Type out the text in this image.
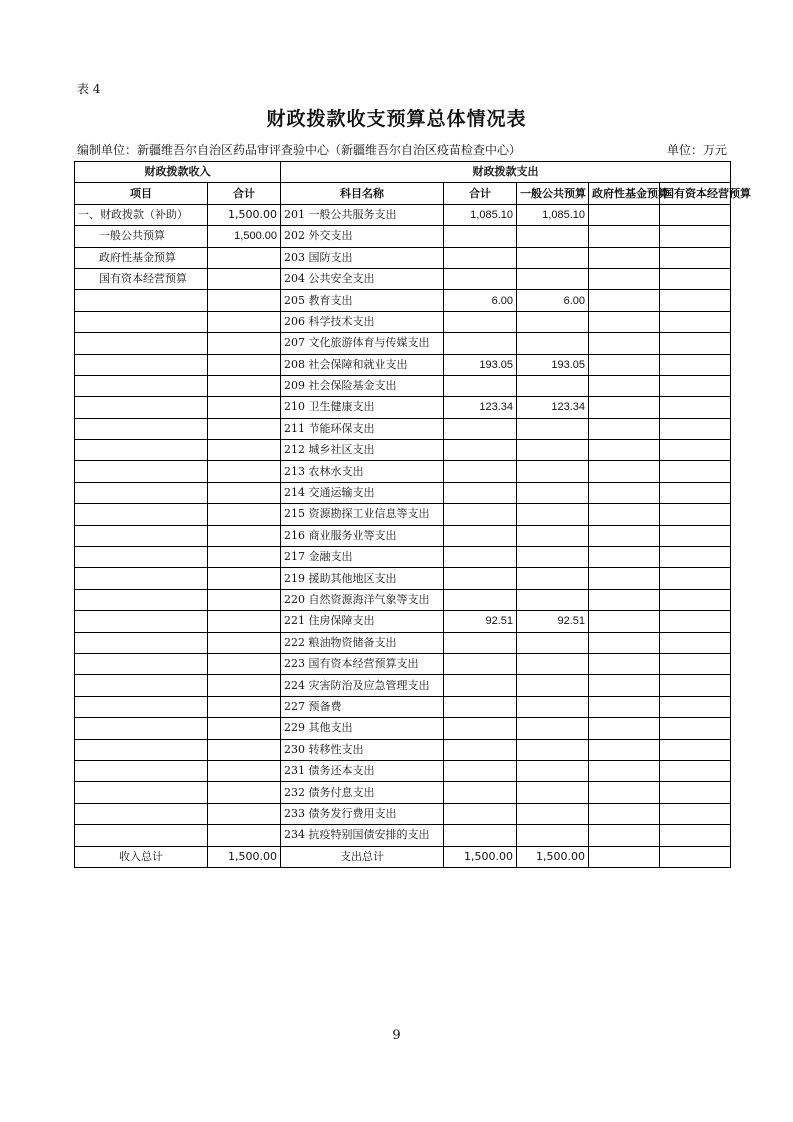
表 4
财政拨款收支预算总体情况表
编制单位：新疆维吾尔自治区药品审评查验中心（新疆维吾尔自治区疫苗检查中心）	单位：万元
财政拨款收入		财政拨款支出				
项目	合计	科目名称	合计	一般公共预算	政府性基金预算	国有资本经营预算
一、财政拨款（补助）	1,500.00	201 一般公共服务支出	1,085.10	1,085.10		
一般公共预算	1,500.00	202 外交支出				
政府性基金预算		203 国防支出				
国有资本经营预算		204 公共安全支出				
		205 教育支出	6.00	6.00		
		206 科学技术支出				
		207 文化旅游体育与传媒支出				
		208 社会保障和就业支出	193.05	193.05		
		209 社会保险基金支出				
		210 卫生健康支出	123.34	123.34		
		211 节能环保支出				
		212 城乡社区支出				
		213 农林水支出				
		214 交通运输支出				
		215 资源勘探工业信息等支出				
		216 商业服务业等支出				
		217 金融支出				
		219 援助其他地区支出				
		220 自然资源海洋气象等支出				
		221 住房保障支出	92.51	92.51		
		222 粮油物资储备支出				
		223 国有资本经营预算支出				
		224 灾害防治及应急管理支出				
		227 预备费				
		229 其他支出				
		230 转移性支出				
		231 债务还本支出				
		232 债务付息支出				
		233 债务发行费用支出				
		234 抗疫特别国债安排的支出				
收入总计	1,500.00	支出总计	1,500.00	1,500.00		
9
